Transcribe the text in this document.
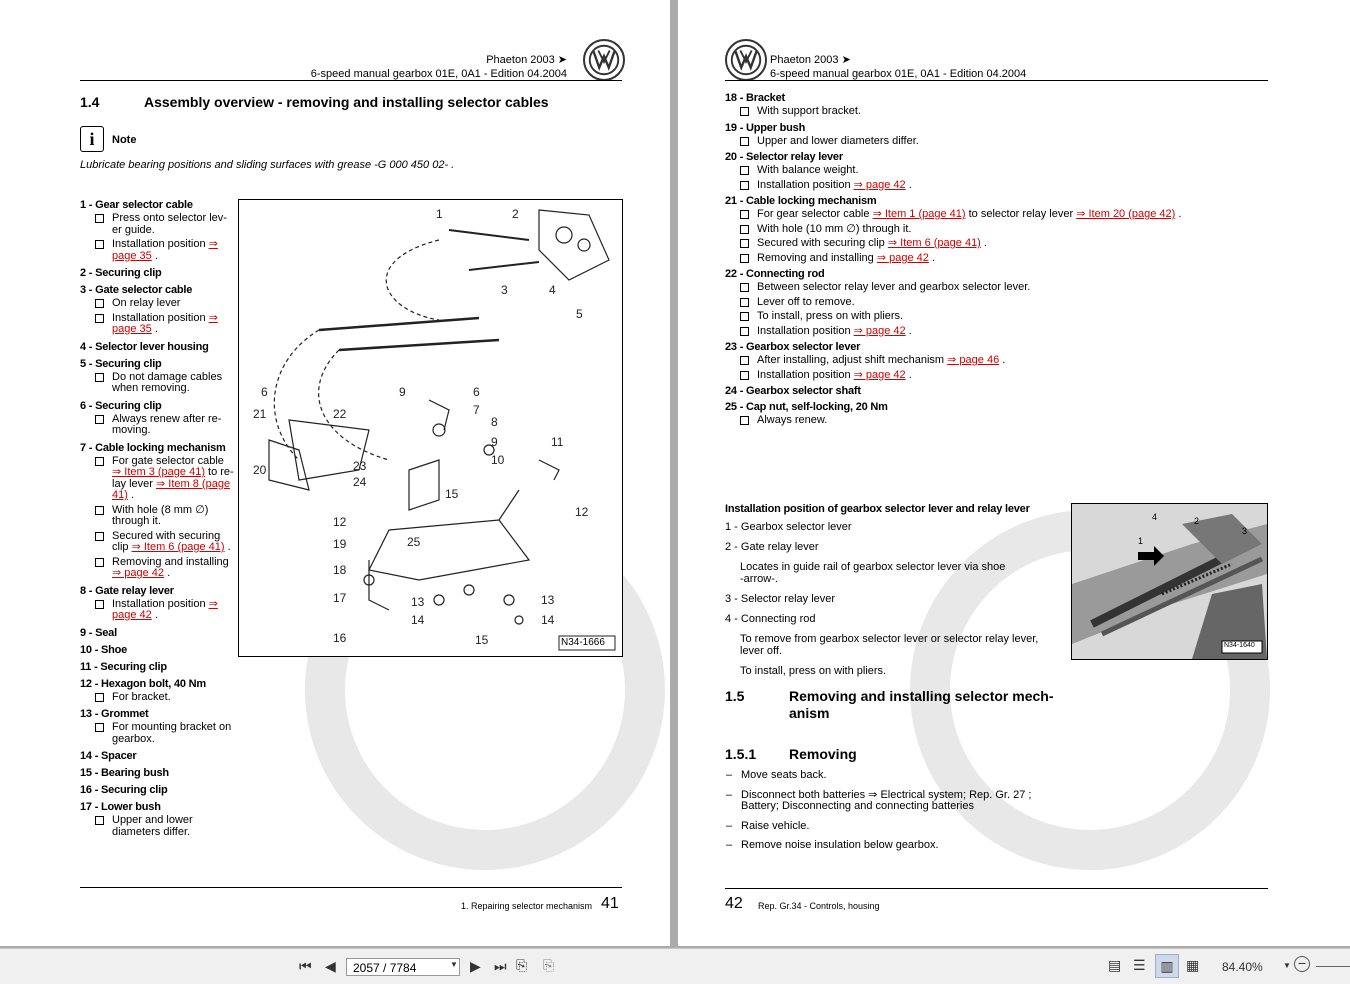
Phaeton 2003 ➤
6-speed manual gearbox 01E, 0A1 - Edition 04.2004
1.4	Assembly overview - removing and installing selector cables
i	Note
Lubricate bearing positions and sliding surfaces with grease -G 000 450 02- .
1 - Gear selector cable
Press onto selector lev-
er guide.
Installation position ⇒ page 35 .
2 - Securing clip
3 - Gate selector cable
On relay lever
Installation position ⇒ page 35 .
4 - Selector lever housing
5 - Securing clip
Do not damage cables
when removing.
6 - Securing clip
Always renew after re-
moving.
7 - Cable locking mechanism
For gate selector cable ⇒ Item 3 (page 41) to re- lay lever ⇒ Item 8 (page 41) .
With hole (8 mm ∅)
through it.
Secured with securing
clip ⇒ Item 6 (page 41) .
Removing and installing ⇒ page 42 .
8 - Gate relay lever
Installation position ⇒ page 42 .
9 - Seal
10 - Shoe
11 - Securing clip
12 - Hexagon bolt, 40 Nm
For bracket.
13 - Grommet
For mounting bracket on gearbox.
14 - Spacer
15 - Bearing bush
16 - Securing clip
17 - Lower bush
Upper and lower diameters differ.
1	2
3	4
5
6
21	22
9	6
7
8
9
10
11
20	23
24
15
12
12
19	25
18
17	13
14
16	15
13
14
N34-1666
1. Repairing selector mechanism 41
Phaeton 2003 ➤
6-speed manual gearbox 01E, 0A1 - Edition 04.2004
18 - Bracket
With support bracket.
19 - Upper bush
Upper and lower diameters differ.
20 - Selector relay lever
With balance weight.
Installation position ⇒ page 42 .
21 - Cable locking mechanism
For gear selector cable ⇒ Item 1 (page 41) to selector relay lever ⇒ Item 20 (page 42) .
With hole (10 mm ∅) through it.
Secured with securing clip ⇒ Item 6 (page 41) .
Removing and installing ⇒ page 42 .
22 - Connecting rod
Between selector relay lever and gearbox selector lever.
Lever off to remove.
To install, press on with pliers.
Installation position ⇒ page 42 .
23 - Gearbox selector lever
After installing, adjust shift mechanism ⇒ page 46 .
Installation position ⇒ page 42 .
24 - Gearbox selector shaft
25 - Cap nut, self-locking, 20 Nm
Always renew.
Installation position of gearbox selector lever and relay lever
1 - Gearbox selector lever
2 - Gate relay lever
Locates in guide rail of gearbox selector lever via shoe
-arrow-.
3 - Selector relay lever
4 - Connecting rod
To remove from gearbox selector lever or selector relay lever,
lever off.
To install, press on with pliers.
4
1
2
3
N34-1640
1.5	Removing and installing selector mech-
anism
1.5.1 Removing
– Move seats back.
– Disconnect both batteries ⇒ Electrical system; Rep. Gr. 27 ;
Battery; Disconnecting and connecting batteries
– Raise vehicle.
– Remove noise insulation below gearbox.
42 Rep. Gr.34 - Controls, housing
⏮ ◀	2057 / 7784	▼ ▶ ⏭ ⎘ ⎘	▤ ☰	▥ ▦ 84.40%	▼ −
